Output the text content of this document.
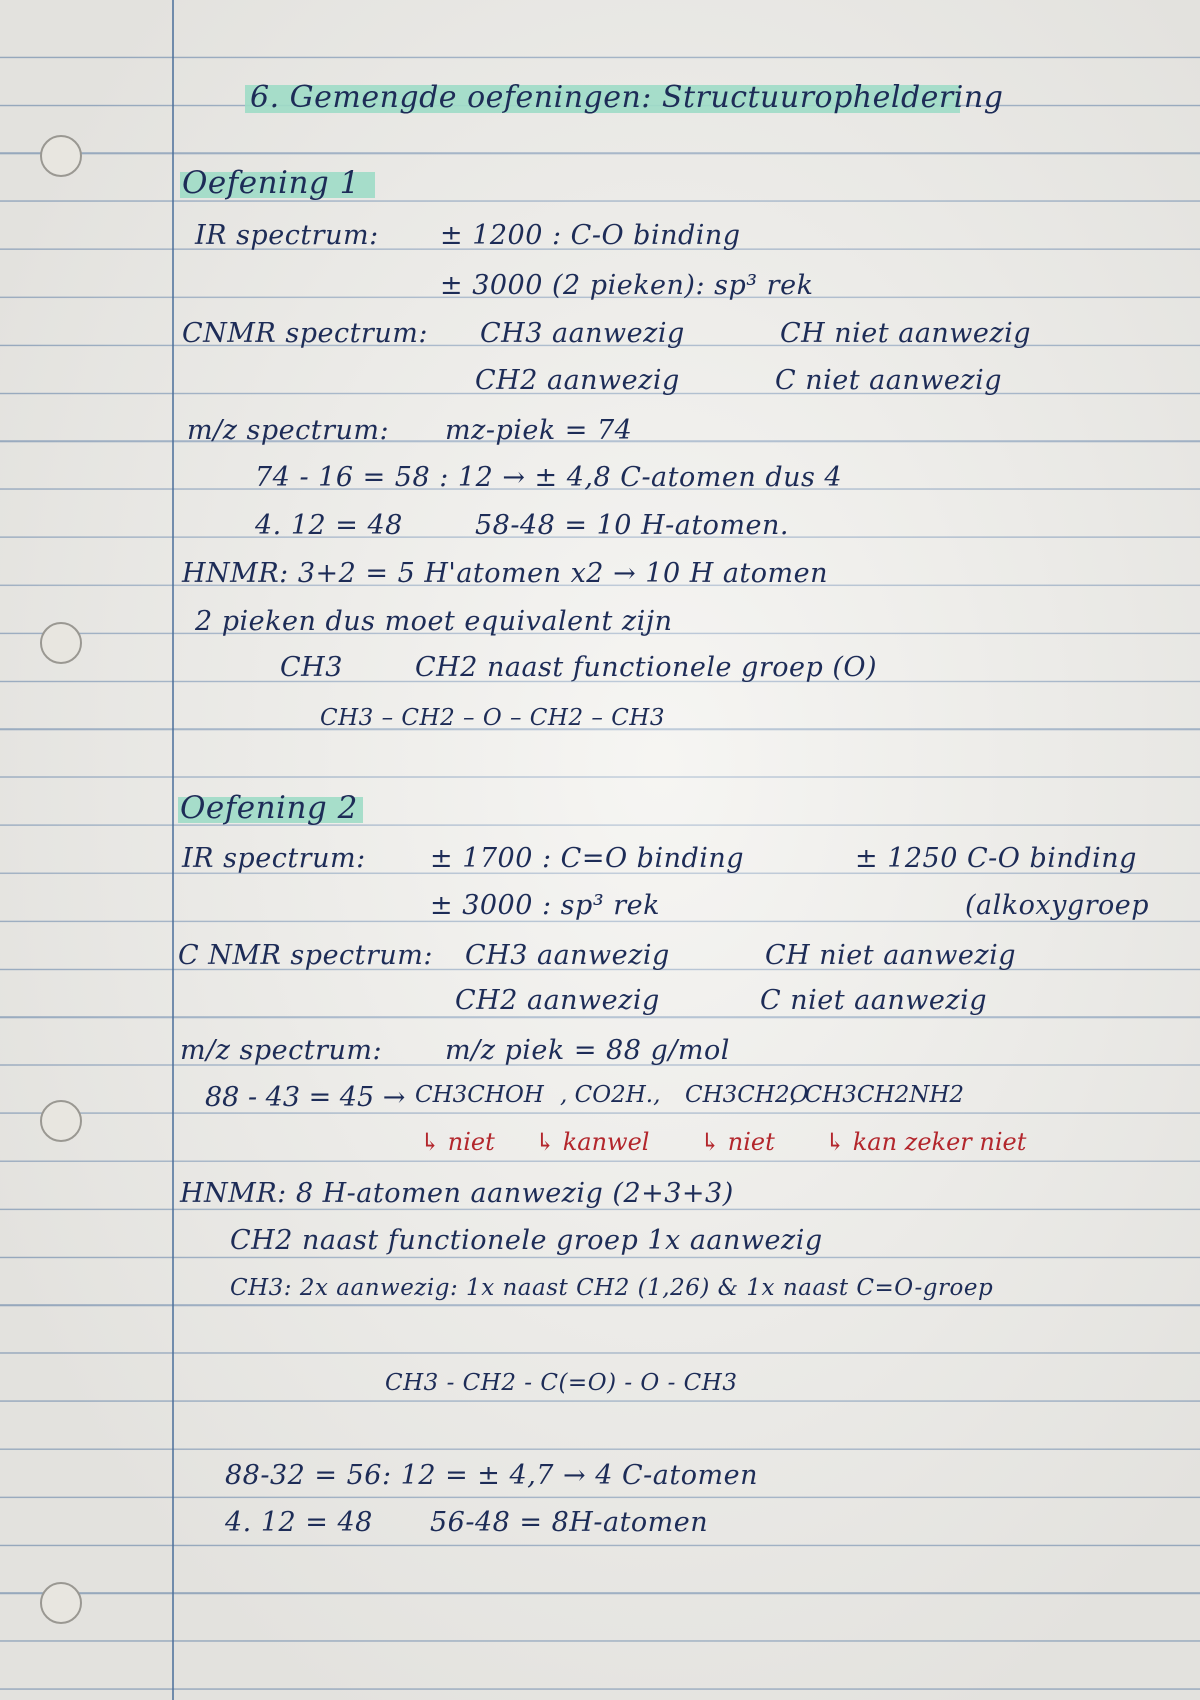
6. Gemengde oefeningen: Structuuropheldering
Oefening 1
IR spectrum: ± 1200 : C-O binding
± 3000 (2 pieken): sp³ rek
CNMR spectrum: CH3 aanwezig	CH niet aanwezig
CH2 aanwezig	C niet aanwezig
m/z spectrum: mz-piek = 74
74 - 16 = 58 : 12 → ± 4,8 C-atomen dus 4
4. 12 = 48	58-48 = 10 H-atomen.
HNMR: 3+2 = 5 H'atomen x2 → 10 H atomen
2 pieken dus moet equivalent zijn
CH3	CH2 naast functionele groep (O)
CH3 – CH2 – O – CH2 – CH3
Oefening 2
IR spectrum: ± 1700 : C=O binding	± 1250 C-O binding
± 3000 : sp³ rek	(alkoxygroep
C NMR spectrum: CH3 aanwezig	CH niet aanwezig
CH2 aanwezig	C niet aanwezig
m/z spectrum: m/z piek = 88 g/mol
88 - 43 = 45 → CH3CHOH , CO2H., CH3CH2O
, CH3CH2NH2
↳ niet ↳ kanwel ↳ niet ↳ kan zeker niet
HNMR: 8 H-atomen aanwezig (2+3+3)
CH2 naast functionele groep 1x aanwezig
CH3: 2x aanwezig: 1x naast CH2 (1,26) & 1x naast C=O-groep
CH3 - CH2 - C(=O) - O - CH3
88-32 = 56: 12 = ± 4,7 → 4 C-atomen
4. 12 = 48 56-48 = 8H-atomen
